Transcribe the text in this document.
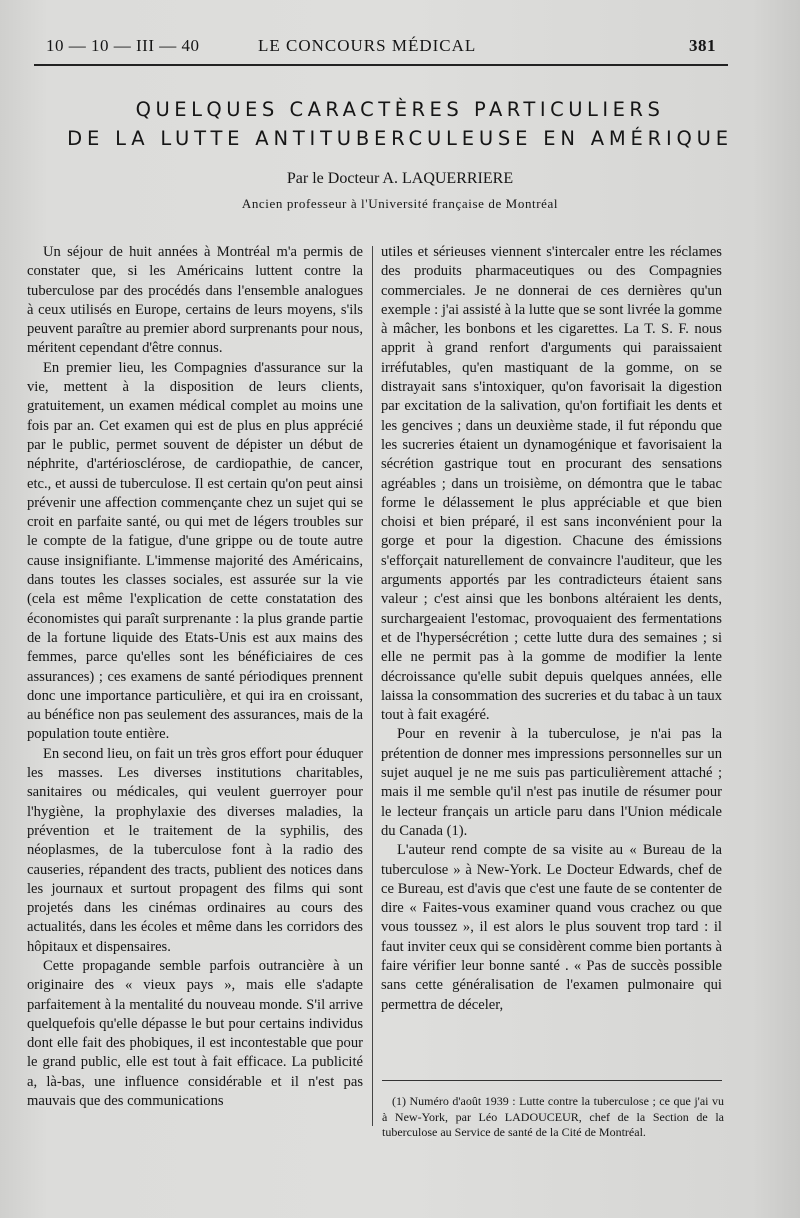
10 — 10 — III — 40	LE CONCOURS MÉDICAL	381
QUELQUES CARACTÈRES PARTICULIERS
DE LA LUTTE ANTITUBERCULEUSE EN AMÉRIQUE
Par le Docteur A. LAQUERRIERE
Ancien professeur à l'Université française de Montréal

Un séjour de huit années à Montréal m'a permis de constater que, si les Américains luttent contre la tuberculose par des procédés dans l'ensemble analogues à ceux utilisés en Europe, certains de leurs moyens, s'ils peuvent paraître au premier abord surprenants pour nous, méritent cependant d'être connus.

En premier lieu, les Compagnies d'assurance sur la vie, mettent à la disposition de leurs clients, gratuitement, un examen médical complet au moins une fois par an. Cet examen qui est de plus en plus apprécié par le public, permet souvent de dépister un début de néphrite, d'artériosclérose, de cardiopathie, de cancer, etc., et aussi de tuberculose. Il est certain qu'on peut ainsi prévenir une affection commençante chez un sujet qui se croit en parfaite santé, ou qui met de légers troubles sur le compte de la fatigue, d'une grippe ou de toute autre cause insignifiante. L'immense majorité des Américains, dans toutes les classes sociales, est assurée sur la vie (cela est même l'explication de cette constatation des économistes qui paraît surprenante : la plus grande partie de la fortune liquide des Etats-Unis est aux mains des femmes, parce qu'elles sont les bénéficiaires de ces assurances) ; ces examens de santé périodiques prennent donc une importance particulière, et qui ira en croissant, au bénéfice non pas seulement des assurances, mais de la population toute entière.

En second lieu, on fait un très gros effort pour éduquer les masses. Les diverses institutions charitables, sanitaires ou médicales, qui veulent guerroyer pour l'hygiène, la prophylaxie des diverses maladies, la prévention et le traitement de la syphilis, des néoplasmes, de la tuberculose font à la radio des causeries, répandent des tracts, publient des notices dans les journaux et surtout propagent des films qui sont projetés dans les cinémas ordinaires au cours des actualités, dans les écoles et même dans les corridors des hôpitaux et dispensaires.

Cette propagande semble parfois outrancière à un originaire des « vieux pays », mais elle s'adapte parfaitement à la mentalité du nouveau monde. S'il arrive quelquefois qu'elle dépasse le but pour certains individus dont elle fait des phobiques, il est incontestable que pour le grand public, elle est tout à fait efficace. La publicité a, là-bas, une influence considérable et il n'est pas mauvais que des communications

utiles et sérieuses viennent s'intercaler entre les réclames des produits pharmaceutiques ou des Compagnies commerciales. Je ne donnerai de ces dernières qu'un exemple : j'ai assisté à la lutte que se sont livrée la gomme à mâcher, les bonbons et les cigarettes. La T. S. F. nous apprit à grand renfort d'arguments qui paraissaient irréfutables, qu'en mastiquant de la gomme, on se distrayait sans s'intoxiquer, qu'on favorisait la digestion par excitation de la salivation, qu'on fortifiait les dents et les gencives ; dans un deuxième stade, il fut répondu que les sucreries étaient un dynamogénique et favorisaient la sécrétion gastrique tout en procurant des sensations agréables ; dans un troisième, on démontra que le tabac forme le délassement le plus appréciable et que bien choisi et bien préparé, il est sans inconvénient pour la gorge et pour la digestion. Chacune des émissions s'efforçait naturellement de convaincre l'auditeur, que les arguments apportés par les contradicteurs étaient sans valeur ; c'est ainsi que les bonbons altéraient les dents, surchargeaient l'estomac, provoquaient des fermentations et de l'hypersécrétion ; cette lutte dura des semaines ; si elle ne permit pas à la gomme de modifier la lente décroissance qu'elle subit depuis quelques années, elle laissa la consommation des sucreries et du tabac à un taux tout à fait exagéré.

Pour en revenir à la tuberculose, je n'ai pas la prétention de donner mes impressions personnelles sur un sujet auquel je ne me suis pas particulièrement attaché ; mais il me semble qu'il n'est pas inutile de résumer pour le lecteur français un article paru dans l'Union médicale du Canada (1).

L'auteur rend compte de sa visite au « Bureau de la tuberculose » à New-York. Le Docteur Edwards, chef de ce Bureau, est d'avis que c'est une faute de se contenter de dire « Faites-vous examiner quand vous crachez ou que vous toussez », il est alors le plus souvent trop tard : il faut inviter ceux qui se considèrent comme bien portants à faire vérifier leur bonne santé . « Pas de succès possible sans cette généralisation de l'examen pulmonaire qui permettra de déceler,

(1) Numéro d'août 1939 : Lutte contre la tuberculose ; ce que j'ai vu à New-York, par Léo LADOUCEUR, chef de la Section de la tuberculose au Service de santé de la Cité de Montréal.
